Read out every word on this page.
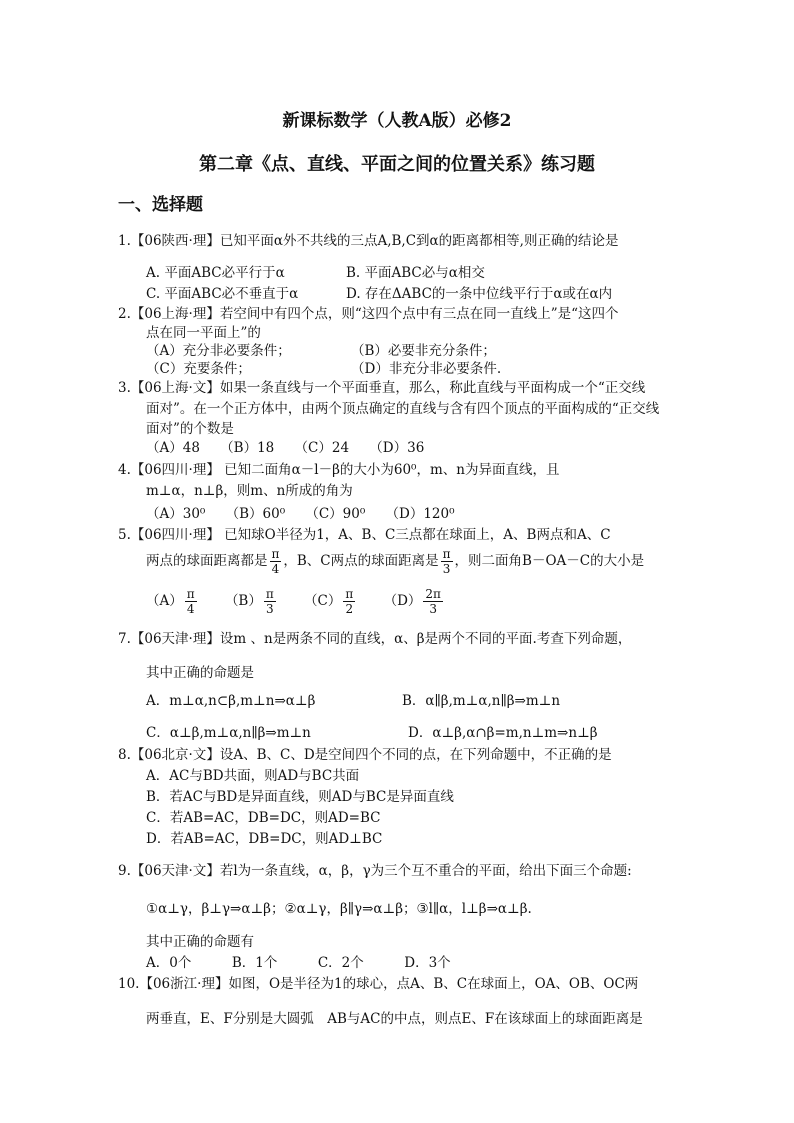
新课标数学（人教A版）必修2
第二章《点、直线、平面之间的位置关系》练习题
一、选择题
1.【06陕西·理】已知平面α外不共线的三点A,B,C到α的距离都相等,则正确的结论是
A. 平面ABC必平行于α	B. 平面ABC必与α相交
C. 平面ABC必不垂直于α	D. 存在ΔABC的一条中位线平行于α或在α内
2.【06上海·理】若空间中有四个点，则“这四个点中有三点在同一直线上”是“这四个
点在同一平面上”的
（A）充分非必要条件；	（B）必要非充分条件；
（C）充要条件；	（D）非充分非必要条件.
3.【06上海·文】如果一条直线与一个平面垂直，那么，称此直线与平面构成一个“正交线
面对”。在一个正方体中，由两个顶点确定的直线与含有四个顶点的平面构成的“正交线
面对”的个数是
（A）48　　（B）18　　（C）24　　（D）36
4.【06四川·理】 已知二面角α－l－β的大小为60⁰，m、n为异面直线，且
m⊥α，n⊥β，则m、n所成的角为
（A）30⁰　　（B）60⁰　　（C）90⁰　　（D）120⁰
5.【06四川·理】 已知球O半径为1，A、B、C三点都在球面上，A、B两点和A、C
两点的球面距离都是 $\frac{\pi}{4}$ ，B、C两点的球面距离是 $\frac{\pi}{3}$ ，则二面角B－OA－C的大小是
$(A) \frac{\pi}{4} (B) \frac{\pi}{3} (C) \frac{\pi}{2} (D) \frac{2\pi}{3}$
7.【06天津·理】设m 、n是两条不同的直线，α、β是两个不同的平面.考查下列命题，
其中正确的命题是
A．m⊥α,n⊂β,m⊥n⇒α⊥β	B．α∥β,m⊥α,n∥β⇒m⊥n
C．α⊥β,m⊥α,n∥β⇒m⊥n	D．α⊥β,α∩β=m,n⊥m⇒n⊥β
8.【06北京·文】设A、B、C、D是空间四个不同的点，在下列命题中，不正确的是
A．AC与BD共面，则AD与BC共面
B．若AC与BD是异面直线，则AD与BC是异面直线
C．若AB=AC，DB=DC，则AD=BC
D．若AB=AC，DB=DC，则AD⊥BC
9.【06天津·文】若l为一条直线，α，β，γ为三个互不重合的平面，给出下面三个命题:
①α⊥γ，β⊥γ⇒α⊥β；②α⊥γ，β∥γ⇒α⊥β；③l∥α，l⊥β⇒α⊥β.
其中正确的命题有
A．0个　　　B．1个　　　C．2个　　　D．3个
10.【06浙江·理】如图，O是半径为1的球心，点A、B、C在球面上，OA、OB、OC两
两垂直，E、F分别是大圆弧　AB与AC的中点，则点E、F在该球面上的球面距离是
